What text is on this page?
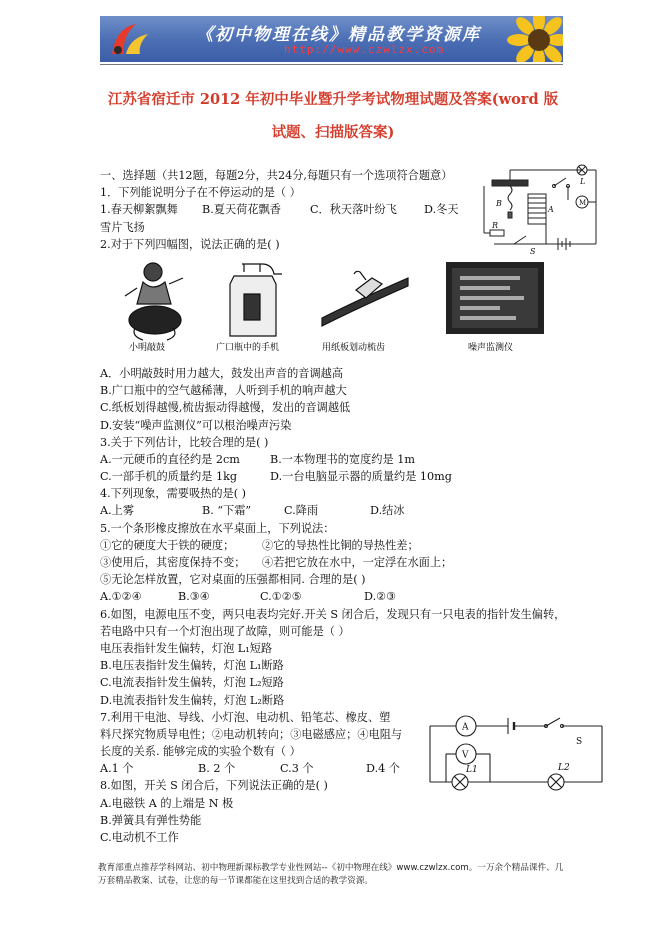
《初中物理在线》精品教学资源库
http://www.czwlzx.com
江苏省宿迁市 2012 年初中毕业暨升学考试物理试题及答案(word 版
试题、扫描版答案)
一、选择题（共12题，每题2分，共24分,每题只有一个选项符合题意）
1．下列能说明分子在不停运动的是（ ）
1.春天柳絮飘舞 B.夏天荷花飘香	C．秋天落叶纷飞 D.冬天
雪片飞扬
2.对于下列四幅图，说法正确的是( )
A．小明敲鼓时用力越大，鼓发出声音的音调越高
B.广口瓶中的空气越稀薄，人听到手机的响声越大
C.纸板划得越慢,梳齿振动得越慢，发出的音调越低
D.安装“噪声监测仪”可以根治噪声污染
3.关于下列估计，比较合理的是( )
A.一元硬币的直径约是 2cm	B.一本物理书的宽度约是 1m
C.一部手机的质量约是 1kg	D.一台电脑显示器的质量约是 10mg
4.下列现象，需要吸热的是( )
A.上雾	B. “下霜”	C.降雨	D.结冰
5.一个条形橡皮擦放在水平桌面上，下列说法：
①它的硬度大于铁的硬度； ②它的导热性比铜的导热性差；
③使用后，其密度保持不变； ④若把它放在水中，一定浮在水面上；
⑤无论怎样放置，它对桌面的压强都相同. 合理的是( )
A.①②④	B.③④	C.①②⑤	D.②③
6.如图，电源电压不变，两只电表均完好.开关 S 闭合后，发现只有一只电表的指针发生偏转，
若电路中只有一个灯泡出现了故障，则可能是（ ）
电压表指针发生偏转，灯泡 L₁短路
B.电压表指针发生偏转，灯泡 L₁断路
C.电流表指针发生偏转，灯泡 L₂短路
D.电流表指针发生偏转，灯泡 L₂断路
7.利用干电池、导线、小灯泡、电动机、铅笔芯、橡皮、塑
料尺探究物质导电性；②电动机转向；③电磁感应；④电阻与
长度的关系. 能够完成的实验个数有（ ）
A.1 个	B. 2 个	C.3 个	D.4 个
8.如图，开关 S 闭合后，下列说法正确的是( )
A.电磁铁 A 的上端是 N 极
B.弹簧具有弹性势能
C.电动机不工作
B
A
L
M
R
S
小明敲鼓	广口瓶中的手机	用纸板划动梳齿	噪声监测仪
A
V
S
L1	L2
教育部重点推荐学科网站、初中物理新课标教学专业性网站--《初中物理在线》www.czwlzx.com。一万余个精品课件、几万套精品教案、试卷，让您的每一节课都能在这里找到合适的教学资源。
